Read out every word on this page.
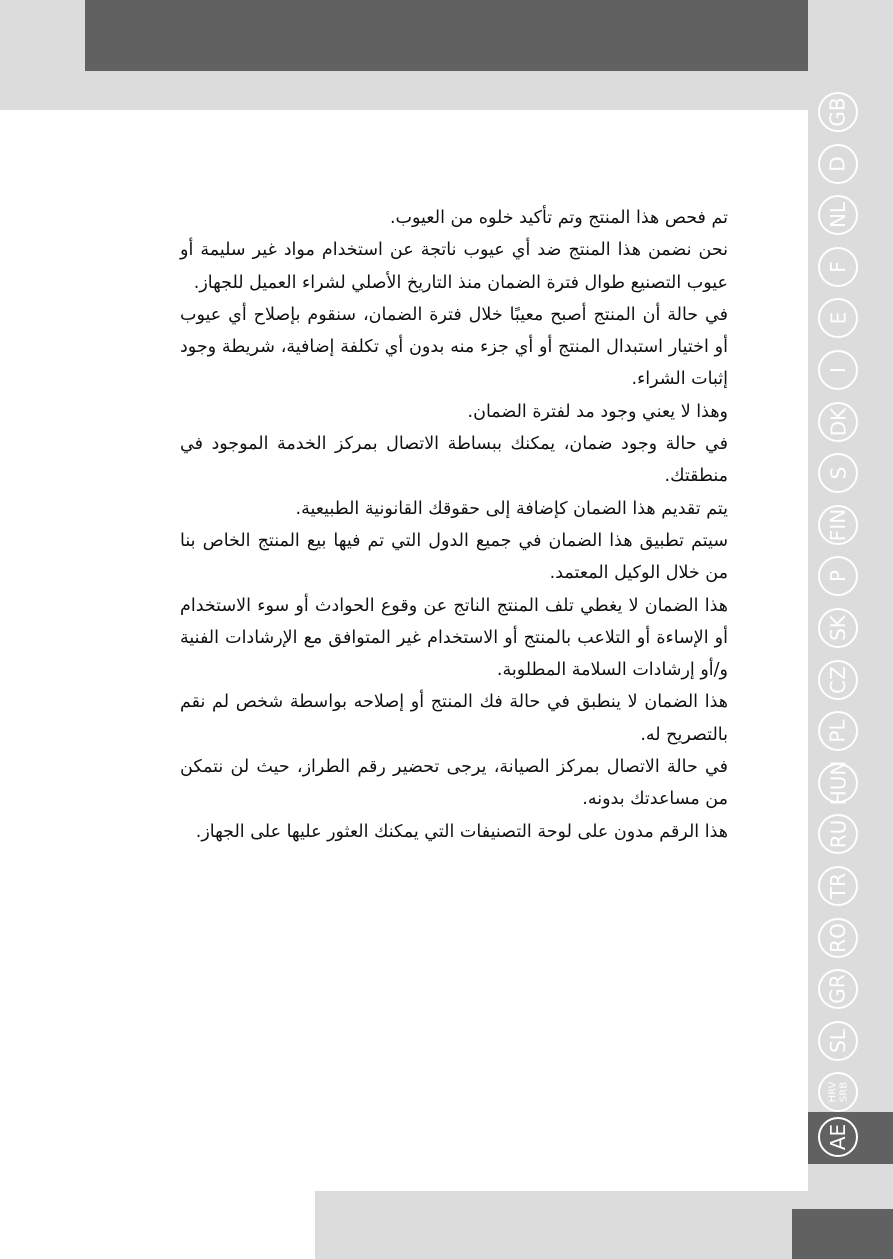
GB
D
NL
F
E
I
DK
S
FIN
P
SK
CZ
PL
HUN
RU
TR
RO
GR
SL
HRV
SRB
AE

تم فحص هذا المنتج وتم تأكيد خلوه من العيوب.

نحن نضمن هذا المنتج ضد أي عيوب ناتجة عن استخدام مواد غير سليمة أو عيوب التصنيع طوال فترة الضمان منذ التاريخ الأصلي لشراء العميل للجهاز.

في حالة أن المنتج أصبح معيبًا خلال فترة الضمان، سنقوم بإصلاح أي عيوب أو اختيار استبدال المنتج أو أي جزء منه بدون أي تكلفة إضافية، شريطة وجود إثبات الشراء.

وهذا لا يعني وجود مد لفترة الضمان.

في حالة وجود ضمان، يمكنك ببساطة الاتصال بمركز الخدمة الموجود في منطقتك.

يتم تقديم هذا الضمان كإضافة إلى حقوقك القانونية الطبيعية.

سيتم تطبيق هذا الضمان في جميع الدول التي تم فيها بيع المنتج الخاص بنا من خلال الوكيل المعتمد.

هذا الضمان لا يغطي تلف المنتج الناتج عن وقوع الحوادث أو سوء الاستخدام أو الإساءة أو التلاعب بالمنتج أو الاستخدام غير المتوافق مع الإرشادات الفنية و/أو إرشادات السلامة المطلوبة.

هذا الضمان لا ينطبق في حالة فك المنتج أو إصلاحه بواسطة شخص لم نقم بالتصريح له.

في حالة الاتصال بمركز الصيانة، يرجى تحضير رقم الطراز، حيث لن نتمكن من مساعدتك بدونه.

هذا الرقم مدون على لوحة التصنيفات التي يمكنك العثور عليها على الجهاز.
